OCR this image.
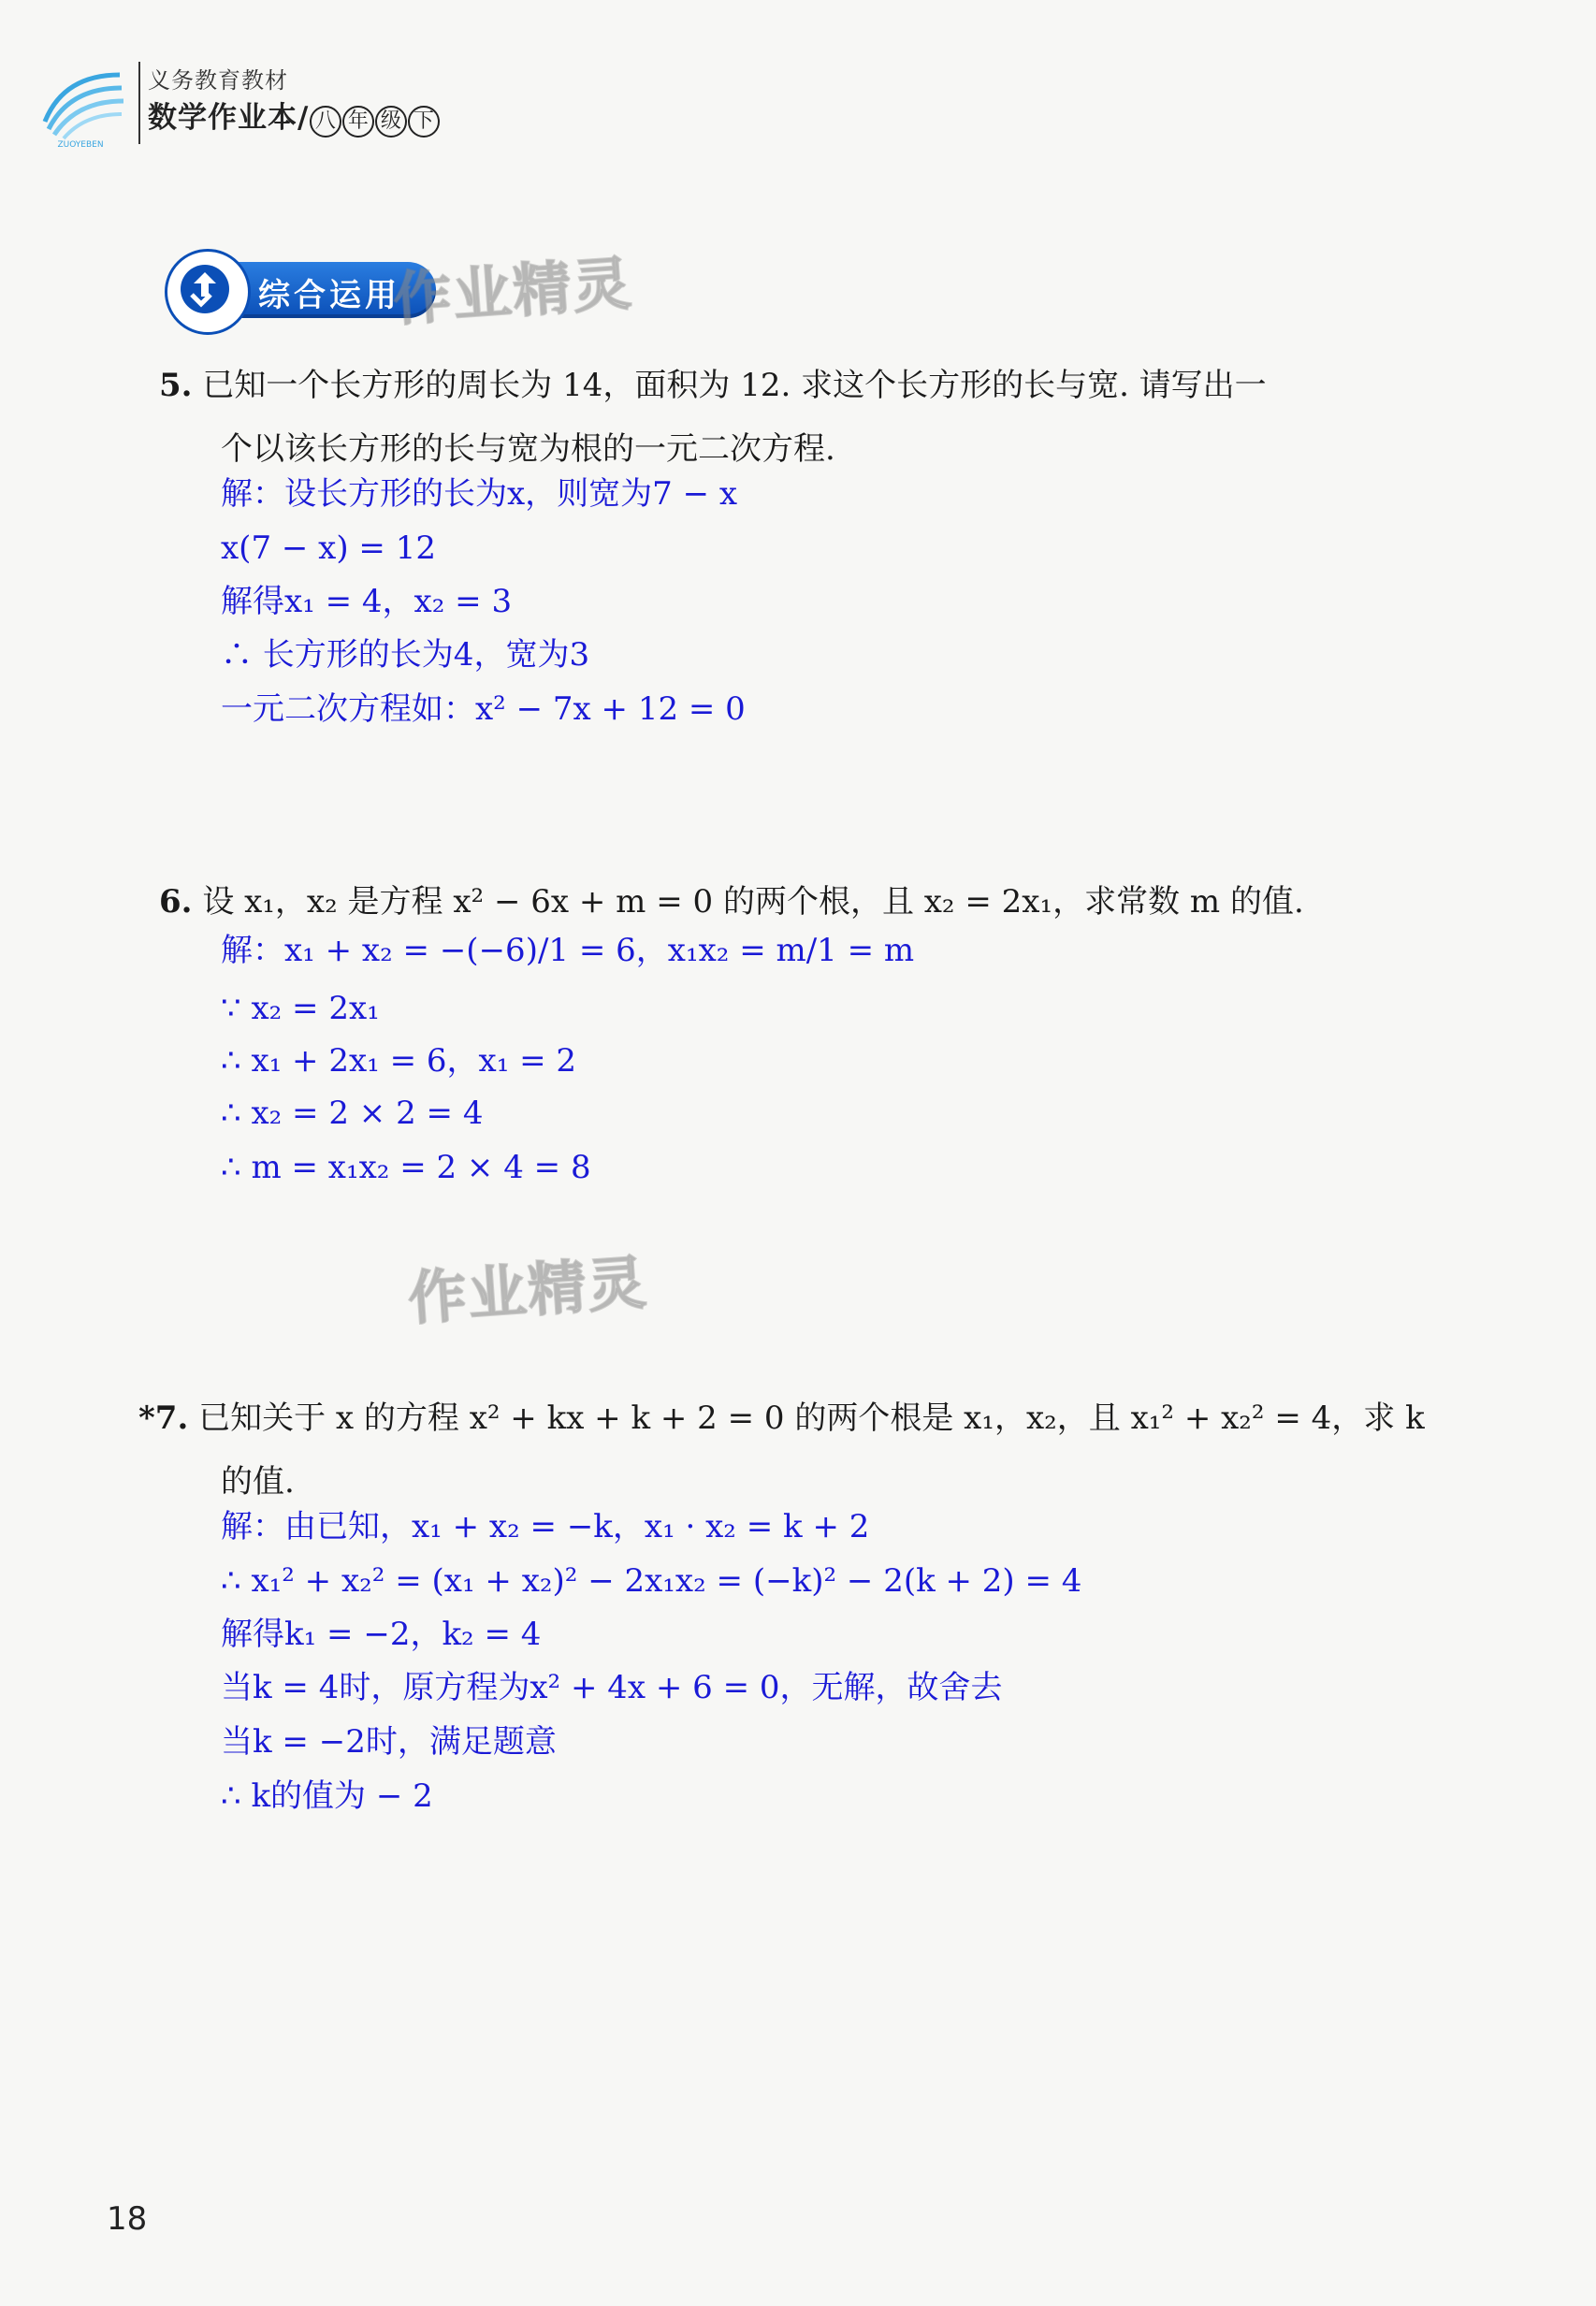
ZUOYEBEN
义务教育教材
数学作业本/ 八 年 级 下
综合运用
作业精灵
5. 已知一个长方形的周长为 14，面积为 12. 求这个长方形的长与宽. 请写出一
个以该长方形的长与宽为根的一元二次方程.
解：设长方形的长为x，则宽为7 − x
x(7 − x) = 12
解得x₁ = 4，x₂ = 3
∴ 长方形的长为4，宽为3
一元二次方程如：x² − 7x + 12 = 0
6. 设 x₁，x₂ 是方程 x² − 6x + m = 0 的两个根，且 x₂ = 2x₁，求常数 m 的值.
解：x₁ + x₂ = −(−6)/1 = 6，x₁x₂ = m/1 = m
∵ x₂ = 2x₁
∴ x₁ + 2x₁ = 6，x₁ = 2
∴ x₂ = 2 × 2 = 4
∴ m = x₁x₂ = 2 × 4 = 8
作业精灵
*7. 已知关于 x 的方程 x² + kx + k + 2 = 0 的两个根是 x₁，x₂，且 x₁² + x₂² = 4，求 k
的值.
解：由已知，x₁ + x₂ = −k，x₁ · x₂ = k + 2
∴ x₁² + x₂² = (x₁ + x₂)² − 2x₁x₂ = (−k)² − 2(k + 2) = 4
解得k₁ = −2，k₂ = 4
当k = 4时，原方程为x² + 4x + 6 = 0，无解，故舍去
当k = −2时，满足题意
∴ k的值为 − 2
18
